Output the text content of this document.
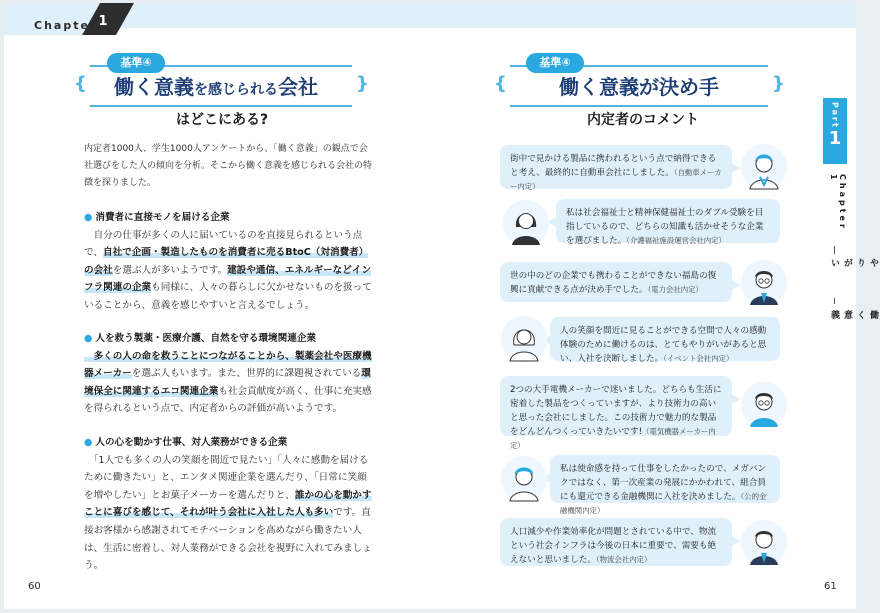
Chapter 1
{	}
基準④
働く意義を感じられる会社
はどこにある?
内定者1000人、学生1000人アンケートから、「働く意義」の観点で会社選びをした人の傾向を分析。そこから働く意義を感じられる会社の特徴を探りました。
● 消費者に直接モノを届ける企業
　自分の仕事が多くの人に届いているのを直接見られるという点で、自社で企画・製造したものを消費者に売るBtoC（対消費者）の会社を選ぶ人が多いようです。建設や通信、エネルギーなどインフラ関連の企業も同様に、人々の暮らしに欠かせないものを扱っていることから、意義を感じやすいと言えるでしょう。
● 人を救う製薬・医療介護、自然を守る環境関連企業
　多くの人の命を救うことにつながることから、製薬会社や医療機器メーカーを選ぶ人もいます。また、世界的に課題視されている環境保全に関連するエコ関連企業も社会貢献度が高く、仕事に充実感を得られるという点で、内定者からの評価が高いようです。
● 人の心を動かす仕事、対人業務ができる企業
　「1人でも多くの人の笑顔を間近で見たい」「人々に感動を届けるために働きたい」と、エンタメ関連企業を選んだり、「日常に笑顔を増やしたい」とお菓子メーカーを選んだりと、誰かの心を動かすことに喜びを感じて、それが叶う会社に入社した人も多いです。直接お客様から感謝されてモチベーションを高めながら働きたい人は、生活に密着し、対人業務ができる会社を視野に入れてみましょう。
60
{	}
基準④
働く意義が決め手
内定者のコメント
街中で見かける製品に携われるという点で納得できると考え、最終的に自動車会社にしました。（自動車メーカー内定）
私は社会福祉士と精神保健福祉士のダブル受験を目指しているので、どちらの知識も活かせそうな企業を選びました。（介護福祉施設運営会社内定）
世の中のどの企業でも携わることができない福島の復興に貢献できる点が決め手でした。（電力会社内定）
人の笑顔を間近に見ることができる空間で人々の感動体験のために働けるのは、とてもやりがいがあると思い、入社を決断しました。（イベント会社内定）
2つの大手電機メーカーで迷いました。どちらも生活に密着した製品をつくっていますが、より技術力の高いと思った会社にしました。この技術力で魅力的な製品をどんどんつくっていきたいです!（電気機器メーカー内定）
私は使命感を持って仕事をしたかったので、メガバンクではなく、第一次産業の発展にかかわれて、組合員にも還元できる金融機関に入社を決めました。（公的金融機関内定）
人口減少や作業効率化が問題とされている中で、物流という社会インフラは今後の日本に重要で、需要も絶えないと思いました。（物流会社内定）
61
Part
1
Chapter 1
やりがい
働く意義
